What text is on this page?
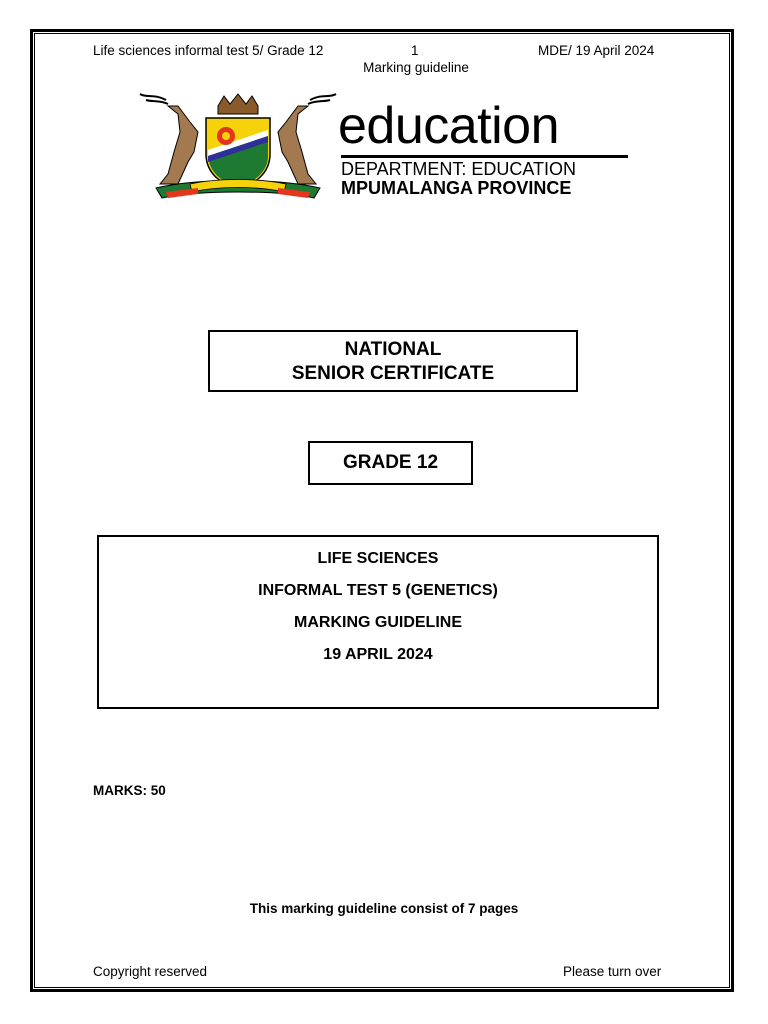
Life sciences informal test 5/ Grade 12	1	MDE/ 19 April 2024
Marking guideline
education
DEPARTMENT: EDUCATION
MPUMALANGA PROVINCE
NATIONAL
SENIOR CERTIFICATE
GRADE 12
LIFE SCIENCES
INFORMAL TEST 5 (GENETICS)
MARKING GUIDELINE
19 APRIL 2024
MARKS: 50
This marking guideline consist of 7 pages
Copyright reserved	Please turn over
